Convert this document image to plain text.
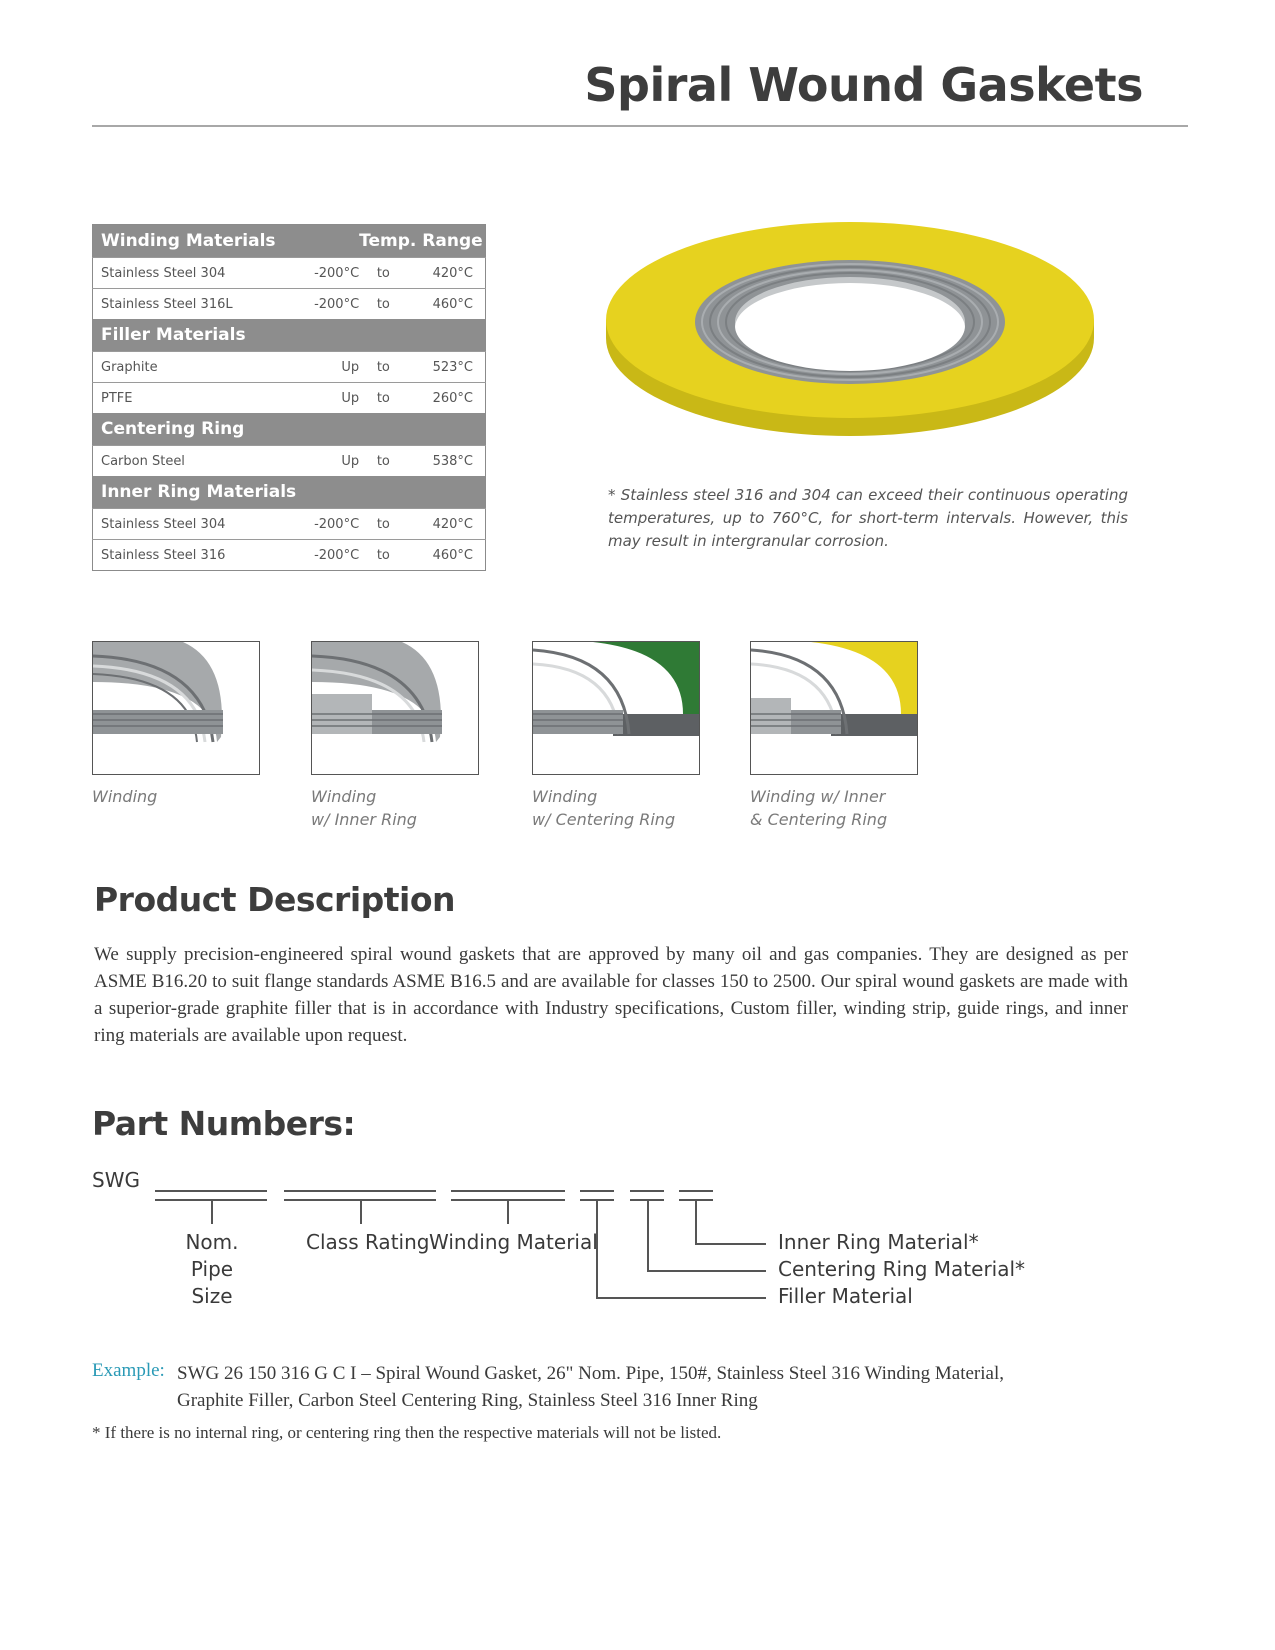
Spiral Wound Gaskets
Winding Materials		Temp. Range	
Stainless Steel 304	-200°C	to	420°C
Stainless Steel 316L	-200°C	to	460°C
Filler Materials			
Graphite	Up	to	523°C
PTFE	Up	to	260°C
Centering Ring			
Carbon Steel	Up	to	538°C
Inner Ring Materials			
Stainless Steel 304	-200°C	to	420°C
Stainless Steel 316	-200°C	to	460°C
* Stainless steel 316 and 304 can exceed their continuous operating temperatures, up to 760°C, for short-term intervals. However, this may result in intergranular corrosion.
Winding	Winding
w/ Inner Ring
Winding
w/ Centering Ring
Winding w/ Inner
& Centering Ring
Product Description
We supply precision-engineered spiral wound gaskets that are approved by many oil and gas companies. They are designed as per ASME B16.20 to suit flange standards ASME B16.5 and are available for classes 150 to 2500. Our spiral wound gaskets are made with a superior-grade graphite filler that is in accordance with Industry specifications, Custom filler, winding strip, guide rings, and inner ring materials are available upon request.
Part Numbers:
SWG
Nom.
Pipe Size
Class Rating Winding Material	Inner Ring Material*
Centering Ring Material*
Filler Material
Example: SWG 26 150 316 G C I – Spiral Wound Gasket, 26" Nom. Pipe, 150#, Stainless Steel 316 Winding Material,
Graphite Filler, Carbon Steel Centering Ring, Stainless Steel 316 Inner Ring
* If there is no internal ring, or centering ring then the respective materials will not be listed.
